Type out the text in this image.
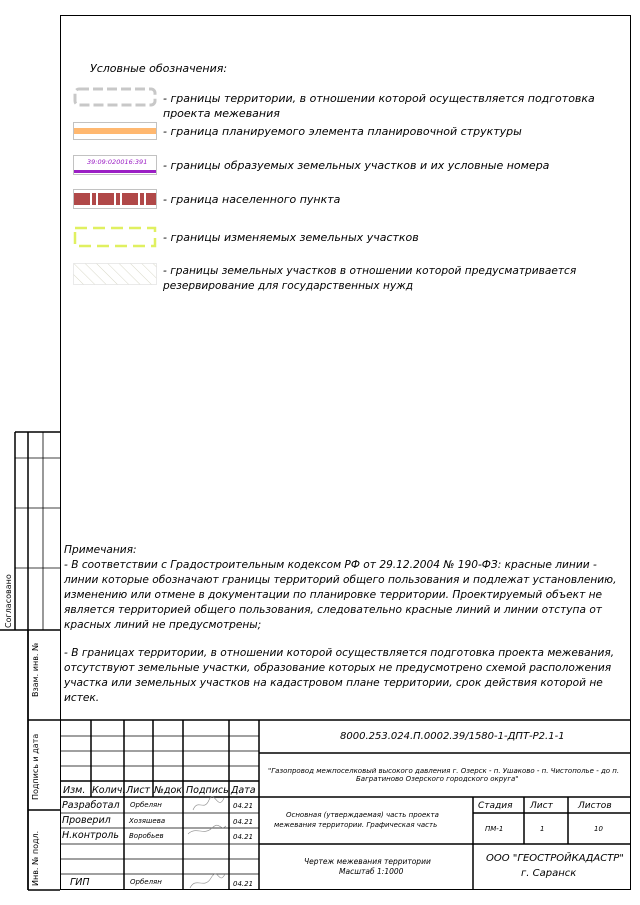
Условные обозначения:
- границы территории, в отношении которой осуществляется подготовка проекта межевания
- граница планируемого элемента планировочной структуры
39:09:020016:391 - границы образуемых земельных участков и их условные номера
- граница населенного пункта
- границы изменяемых земельных участков
- границы земельных участков в отношении которой предусматривается резервирование для государственных нужд

Примечания:

- В соответствии с Градостроительным кодексом РФ от 29.12.2004 № 190-ФЗ: красные линии - линии которые обозначают границы территорий общего пользования и подлежат установлению, изменению или отмене в документации по планировке территории. Проектируемый объект не является территорией общего пользования, следовательно красные линий и линии отступа от красных линий не предусмотрены;

- В границах территории, в отношении которой осуществляется подготовка проекта межевания, отсутствуют земельные участки, образование которых не предусмотрено схемой расположения участка или земельных участков на кадастровом плане территории, срок действия которой не истек.

Согласовано
Взам. инв. №
Подпись и дата
Инв. № подл.
8000.253.024.П.0002.39/1580-1-ДПТ-Р2.1-1
"Газопровод межпоселковый высокого давления г. Озерск - п. Ушаково - п. Чистополье - до п.
Багратиново Озерского городского округа"
Изм. Колич. Лист №док. Подпись Дата
Разработал Орбелян	04.21
Проверил	Хозяшева	04.21
Н.контроль Воробьев	04.21
ГИП	Орбелян	04.21
Основная (утверждаемая) часть проекта
межевания территории. Графическая часть
Стадия Лист	Листов
ПМ-1	1	10
Чертеж межевания территории
Масштаб 1:1000
ООО "ГЕОСТРОЙКАДАСТР"
г. Саранск
